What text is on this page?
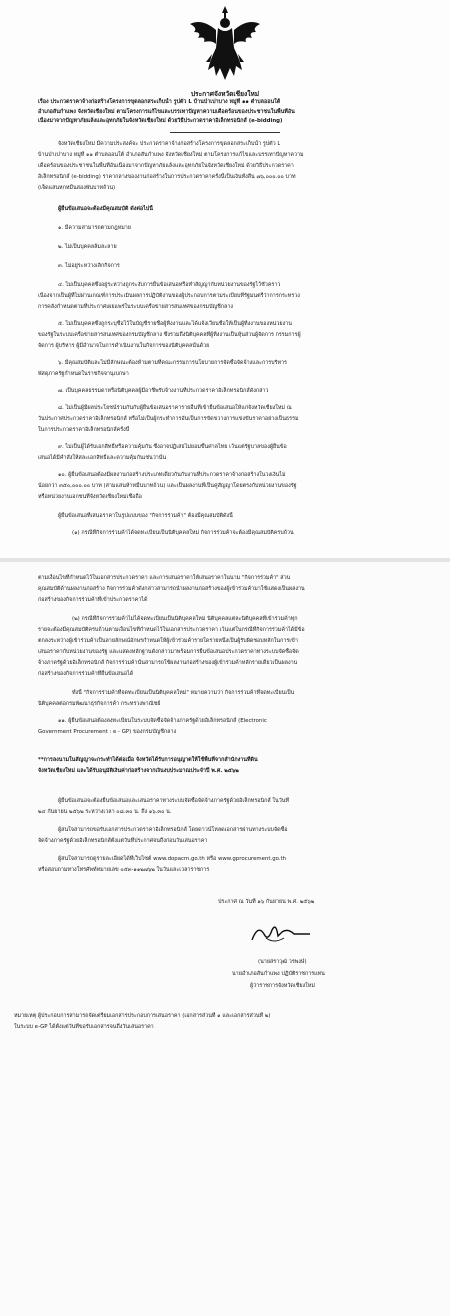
ประกาศจังหวัดเชียงใหม่
เรื่อง ประกวดราคาจ้างก่อสร้างโครงการขุดลอกสระเก็บน้ำ รูปตัว L บ้านป่าเปาบาง หมู่ที่ ๑๑ ตำบลออนใต้
อำเภอสันกำแพง จังหวัดเชียงใหม่ ตามโครงการแก้ไขและบรรเทาปัญหาความเดือดร้อนของประชาชนในพื้นที่อัน
เนื่องมาจากปัญหาภัยแล้งและอุทกภัยในจังหวัดเชียงใหม่ ด้วยวิธีประกวดราคาอิเล็กทรอนิกส์ (e-bidding)
จังหวัดเชียงใหม่ มีความประสงค์จะ ประกวดราคาจ้างก่อสร้างโครงการขุดลอกสระเก็บน้ำ รูปตัว L
บ้านป่าเปาบาง หมู่ที่ ๑๑ ตำบลออนใต้ อำเภอสันกำแพง จังหวัดเชียงใหม่ ตามโครงการแก้ไขและบรรเทาปัญหาความ
เดือดร้อนของประชาชนในพื้นที่อันเนื่องมาจากปัญหาภัยแล้งและอุทกภัยในจังหวัดเชียงใหม่ ด้วยวิธีประกวดราคา
อิเล็กทรอนิกส์ (e-bidding) ราคากลางของงานก่อสร้างในการประกวดราคาครั้งนี้เป็นเงินทั้งสิ้น ๗๖,๐๐๐.๐๐ บาท
(เจ็ดแสนหกหมื่นสองพันบาทถ้วน)
ผู้ยื่นข้อเสนอจะต้องมีคุณสมบัติ ดังต่อไปนี้
๑. มีความสามารถตามกฎหมาย
๒. ไม่เป็นบุคคลล้มละลาย
๓. ไม่อยู่ระหว่างเลิกกิจการ
๔. ไม่เป็นบุคคลซึ่งอยู่ระหว่างถูกระงับการยื่นข้อเสนอหรือทำสัญญากับหน่วยงานของรัฐไว้ชั่วคราว
เนื่องจากเป็นผู้ที่ไม่ผ่านเกณฑ์การประเมินผลการปฏิบัติงานของผู้ประกอบการตามระเบียบที่รัฐมนตรีว่าการกระทรวง
การคลังกำหนดตามที่ประกาศเผยแพร่ในระบบเครือข่ายสารสนเทศของกรมบัญชีกลาง
๕. ไม่เป็นบุคคลซึ่งถูกระบุชื่อไว้ในบัญชีรายชื่อผู้ทิ้งงานและได้แจ้งเวียนชื่อให้เป็นผู้ทิ้งงานของหน่วยงาน
ของรัฐในระบบเครือข่ายสารสนเทศของกรมบัญชีกลาง ซึ่งรวมถึงนิติบุคคลที่ผู้ทิ้งงานเป็นหุ้นส่วนผู้จัดการ กรรมการผู้
จัดการ ผู้บริหาร ผู้มีอำนาจในการดำเนินงานในกิจการของนิติบุคคลนั้นด้วย
๖. มีคุณสมบัติและไม่มีลักษณะต้องห้ามตามที่คณะกรรมการนโยบายการจัดซื้อจัดจ้างและการบริหาร
พัสดุภาครัฐกำหนดในราชกิจจานุเบกษา
๗. เป็นบุคคลธรรมดาหรือนิติบุคคลผู้มีอาชีพรับจ้างงานที่ประกวดราคาอิเล็กทรอนิกส์ดังกล่าว
๘. ไม่เป็นผู้มีผลประโยชน์ร่วมกันกับผู้ยื่นข้อเสนอราคารายอื่นที่เข้ายื่นข้อเสนอให้แก่จังหวัดเชียงใหม่ ณ
วันประกาศประกวดราคาอิเล็กทรอนิกส์ หรือไม่เป็นผู้กระทำการอันเป็นการขัดขวางการแข่งขันราคาอย่างเป็นธรรม
ในการประกวดราคาอิเล็กทรอนิกส์ครั้งนี้
๙. ไม่เป็นผู้ได้รับเอกสิทธิ์หรือความคุ้มกัน ซึ่งอาจปฏิเสธไม่ยอมขึ้นศาลไทย เว้นแต่รัฐบาลของผู้ยื่นข้อ
เสนอได้มีคำสั่งให้สละเอกสิทธิ์และความคุ้มกันเช่นว่านั้น
๑๐. ผู้ยื่นข้อเสนอต้องมีผลงานก่อสร้างประเภทเดียวกันกับงานที่ประกวดราคาจ้างก่อสร้างในวงเงินไม่
น้อยกว่า ๓๕๐,๐๐๐.๐๐ บาท (สามแสนห้าหมื่นบาทถ้วน) และเป็นผลงานที่เป็นคู่สัญญาโดยตรงกับหน่วยงานของรัฐ
หรือหน่วยงานเอกชนที่จังหวัดเชียงใหม่เชื่อถือ
ผู้ยื่นข้อเสนอที่เสนอราคาในรูปแบบของ "กิจการร่วมค้า" ต้องมีคุณสมบัติดังนี้
(๑) กรณีที่กิจการร่วมค้าได้จดทะเบียนเป็นนิติบุคคลใหม่ กิจการร่วมค้าจะต้องมีคุณสมบัติครบถ้วน
ตามเงื่อนไขที่กำหนดไว้ในเอกสารประกวดราคา และการเสนอราคาให้เสนอราคาในนาม "กิจการร่วมค้า" ส่วน
คุณสมบัติด้านผลงานก่อสร้าง กิจการร่วมค้าดังกล่าวสามารถนำผลงานก่อสร้างของผู้เข้าร่วมค้ามาใช้แสดงเป็นผลงาน
ก่อสร้างของกิจการร่วมค้าที่เข้าประกวดราคาได้
(๒) กรณีที่กิจการร่วมค้าไม่ได้จดทะเบียนเป็นนิติบุคคลใหม่ นิติบุคคลแต่ละนิติบุคคลที่เข้าร่วมค้าทุก
รายจะต้องมีคุณสมบัติครบถ้วนตามเงื่อนไขที่กำหนดไว้ในเอกสารประกวดราคา เว้นแต่ในกรณีที่กิจการร่วมค้าได้มีข้อ
ตกลงระหว่างผู้เข้าร่วมค้าเป็นลายลักษณ์อักษรกำหนดให้ผู้เข้าร่วมค้ารายใดรายหนึ่งเป็นผู้รับผิดชอบหลักในการเข้า
เสนอราคากับหน่วยงานของรัฐ และแสดงหลักฐานดังกล่าวมาพร้อมการยื่นข้อเสนอประกวดราคาทางระบบจัดซื้อจัด
จ้างภาครัฐด้วยอิเล็กทรอนิกส์ กิจการร่วมค้านั้นสามารถใช้ผลงานก่อสร้างของผู้เข้าร่วมค้าหลักรายเดียวเป็นผลงาน
ก่อสร้างของกิจการร่วมค้าที่ยื่นข้อเสนอได้
ทั้งนี้ "กิจการร่วมค้าที่จดทะเบียนเป็นนิติบุคคลใหม่" หมายความว่า กิจการร่วมค้าที่จดทะเบียนเป็น
นิติบุคคลต่อกรมพัฒนาธุรกิจการค้า กระทรวงพาณิชย์
๑๑. ผู้ยื่นข้อเสนอต้องลงทะเบียนในระบบจัดซื้อจัดจ้างภาครัฐด้วยอิเล็กทรอนิกส์ (Electronic
Government Procurement : e - GP) ของกรมบัญชีกลาง
**การลงนามในสัญญาจะกระทำได้ต่อเมื่อ จังหวัดได้รับการอนุญาตให้ใช้พื้นที่จากสำนักงานที่ดิน
จังหวัดเชียงใหม่ และได้รับอนุมัติเงินค่าก่อสร้างจากเงินงบประมาณประจำปี พ.ศ. ๒๕๖๒
ผู้ยื่นข้อเสนอจะต้องยื่นข้อเสนอและเสนอราคาทางระบบจัดซื้อจัดจ้างภาครัฐด้วยอิเล็กทรอนิกส์ ในวันที่
๒๔ กันยายน ๒๕๖๒ ระหว่างเวลา ๐๘.๓๐ น. ถึง ๑๖.๓๐ น.
ผู้สนใจสามารถขอรับเอกสารประกวดราคาอิเล็กทรอนิกส์ โดยดาวน์โหลดเอกสารผ่านทางระบบจัดซื้อ
จัดจ้างภาครัฐด้วยอิเล็กทรอนิกส์ตั้งแต่วันที่ประกาศจนถึงก่อนวันเสนอราคา
ผู้สนใจสามารถดูรายละเอียดได้ที่เว็บไซต์ www.dopacm.go.th หรือ www.gprocurement.go.th
หรือสอบถามทางโทรศัพท์หมายเลข ๐๕๓-๑๑๒๗๖๒ ในวันและเวลาราชการ
ประกาศ ณ วันที่ ๑๖ กันยายน พ.ศ. ๒๕๖๒
(นายสราวุฒิ วรพงษ์)
นายอำเภอสันกำแพง ปฏิบัติราชการแทน
ผู้ว่าราชการจังหวัดเชียงใหม่
หมายเหตุ ผู้ประกอบการสามารถจัดเตรียมเอกสารประกอบการเสนอราคา (เอกสารส่วนที่ ๑ และเอกสารส่วนที่ ๒)
ในระบบ e-GP ได้ตั้งแต่วันที่ขอรับเอกสารจนถึงวันเสนอราคา
